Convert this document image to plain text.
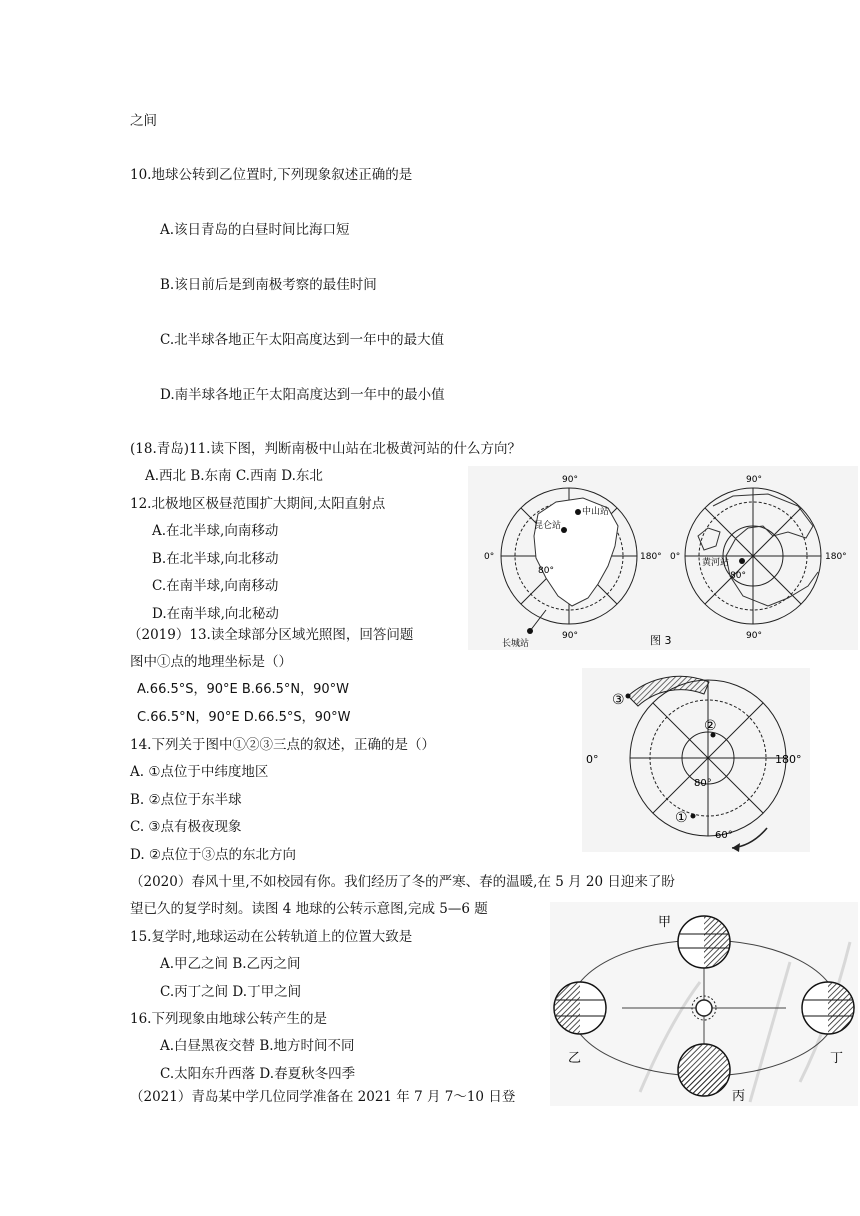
之间
10.地球公转到乙位置时,下列现象叙述正确的是
A.该日青岛的白昼时间比海口短
B.该日前后是到南极考察的最佳时间
C.北半球各地正午太阳高度达到一年中的最大值
D.南半球各地正午太阳高度达到一年中的最小值
(18.青岛)11.读下图，判断南极中山站在北极黄河站的什么方向？
A.西北 B.东南 C.西南 D.东北
12.北极地区极昼范围扩大期间,太阳直射点
A.在北半球,向南移动
B.在北半球,向北移动
C.在南半球,向南移动
D.在南半球,向北秘动
（2019）13.读全球部分区域光照图，回答问题
图中①点的地理坐标是（）
A.66.5°S，90°E B.66.5°N，90°W
C.66.5°N，90°E D.66.5°S，90°W
14.下列关于图中①②③三点的叙述，正确的是（）
A. ①点位于中纬度地区
B. ②点位于东半球
C. ③点有极夜现象
D. ②点位于③点的东北方向
（2020）春风十里,不如校园有你。我们经历了冬的严寒、春的温暖,在 5 月 20 日迎来了盼
望已久的复学时刻。读图 4 地球的公转示意图,完成 5—6 题
15.复学时,地球运动在公转轨道上的位置大致是
A.甲乙之间 B.乙丙之间
C.丙丁之间 D.丁甲之间
16.下列现象由地球公转产生的是
A.白昼黑夜交替 B.地方时间不同
C.太阳东升西落 D.春夏秋冬四季
（2021）青岛某中学几位同学准备在 2021 年 7 月 7～10 日登
90°
180°
0°
90°
80°
中山站
昆仑站
长城站
90°
180°
0°
90°
80°
黄河站
图 3
③
②
①
0°	180°
80°
60°
甲
乙
丙
丁
